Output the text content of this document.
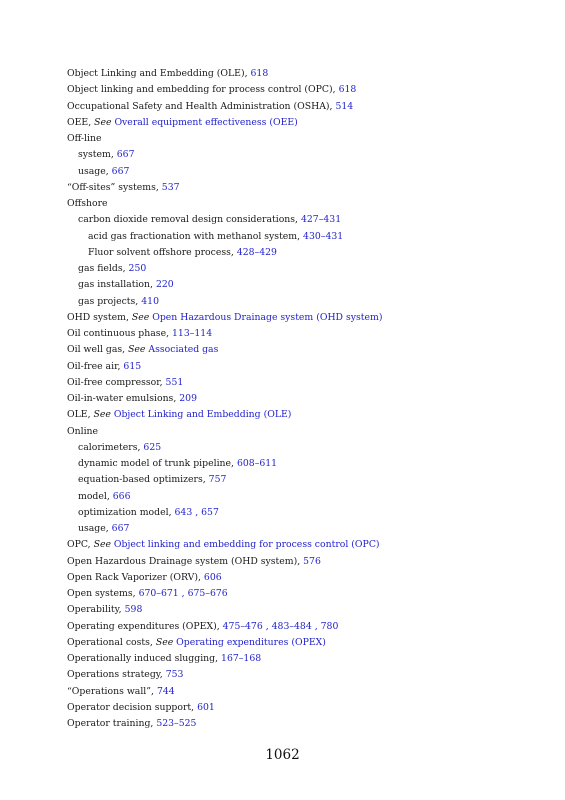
Object Linking and Embedding (OLE), 618
Object linking and embedding for process control (OPC), 618
Occupational Safety and Health Administration (OSHA), 514
OEE, See Overall equipment effectiveness (OEE)
Off-line
system, 667
usage, 667
“Off-sites” systems, 537
Offshore
carbon dioxide removal design considerations, 427–431
acid gas fractionation with methanol system, 430–431
Fluor solvent offshore process, 428–429
gas fields, 250
gas installation, 220
gas projects, 410
OHD system, See Open Hazardous Drainage system (OHD system)
Oil continuous phase, 113–114
Oil well gas, See Associated gas
Oil-free air, 615
Oil-free compressor, 551
Oil-in-water emulsions, 209
OLE, See Object Linking and Embedding (OLE)
Online
calorimeters, 625
dynamic model of trunk pipeline, 608–611
equation-based optimizers, 757
model, 666
optimization model, 643 , 657
usage, 667
OPC, See Object linking and embedding for process control (OPC)
Open Hazardous Drainage system (OHD system), 576
Open Rack Vaporizer (ORV), 606
Open systems, 670–671 , 675–676
Operability, 598
Operating expenditures (OPEX), 475–476 , 483–484 , 780
Operational costs, See Operating expenditures (OPEX)
Operationally induced slugging, 167–168
Operations strategy, 753
“Operations wall”, 744
Operator decision support, 601
Operator training, 523–525
1062
